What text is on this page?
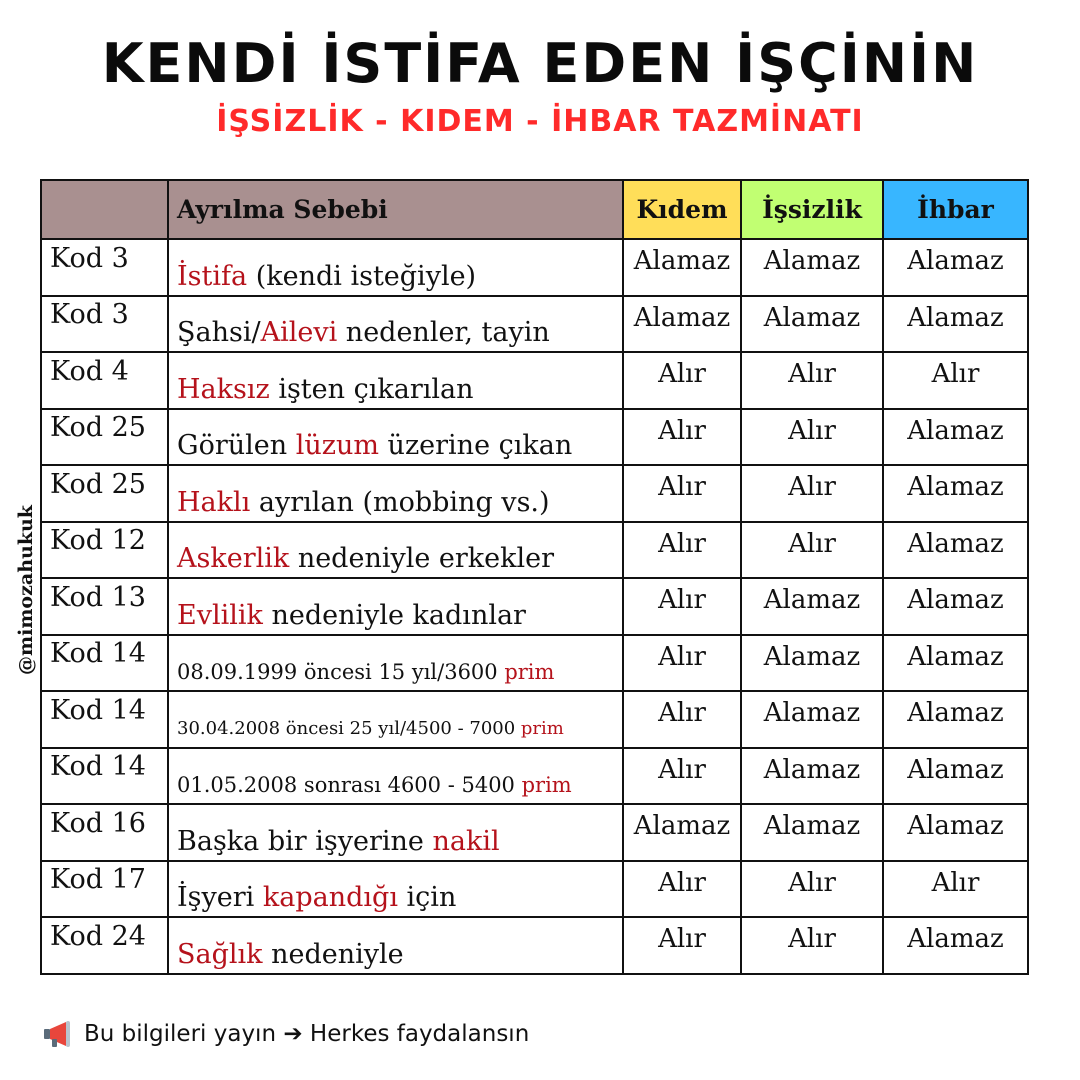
KENDİ İSTİFA EDEN İŞÇİNİN
İŞSİZLİK - KIDEM - İHBAR TAZMİNATI
@mimozahukuk
	Ayrılma Sebebi	Kıdem	İşsizlik	İhbar
Kod 3	İstifa (kendi isteğiyle)	Alamaz	Alamaz	Alamaz
Kod 3	Şahsi/Ailevi nedenler, tayin	Alamaz	Alamaz	Alamaz
Kod 4	Haksız işten çıkarılan	Alır	Alır	Alır
Kod 25	Görülen lüzum üzerine çıkan	Alır	Alır	Alamaz
Kod 25	Haklı ayrılan (mobbing vs.)	Alır	Alır	Alamaz
Kod 12	Askerlik nedeniyle erkekler	Alır	Alır	Alamaz
Kod 13	Evlilik nedeniyle kadınlar	Alır	Alamaz	Alamaz
Kod 14	08.09.1999 öncesi 15 yıl/3600 prim	Alır	Alamaz	Alamaz
Kod 14	30.04.2008 öncesi 25 yıl/4500 - 7000 prim	Alır	Alamaz	Alamaz
Kod 14	01.05.2008 sonrası 4600 - 5400 prim	Alır	Alamaz	Alamaz
Kod 16	Başka bir işyerine nakil	Alamaz	Alamaz	Alamaz
Kod 17	İşyeri kapandığı için	Alır	Alır	Alır
Kod 24	Sağlık nedeniyle	Alır	Alır	Alamaz
Bu bilgileri yayın ➔ Herkes faydalansın
